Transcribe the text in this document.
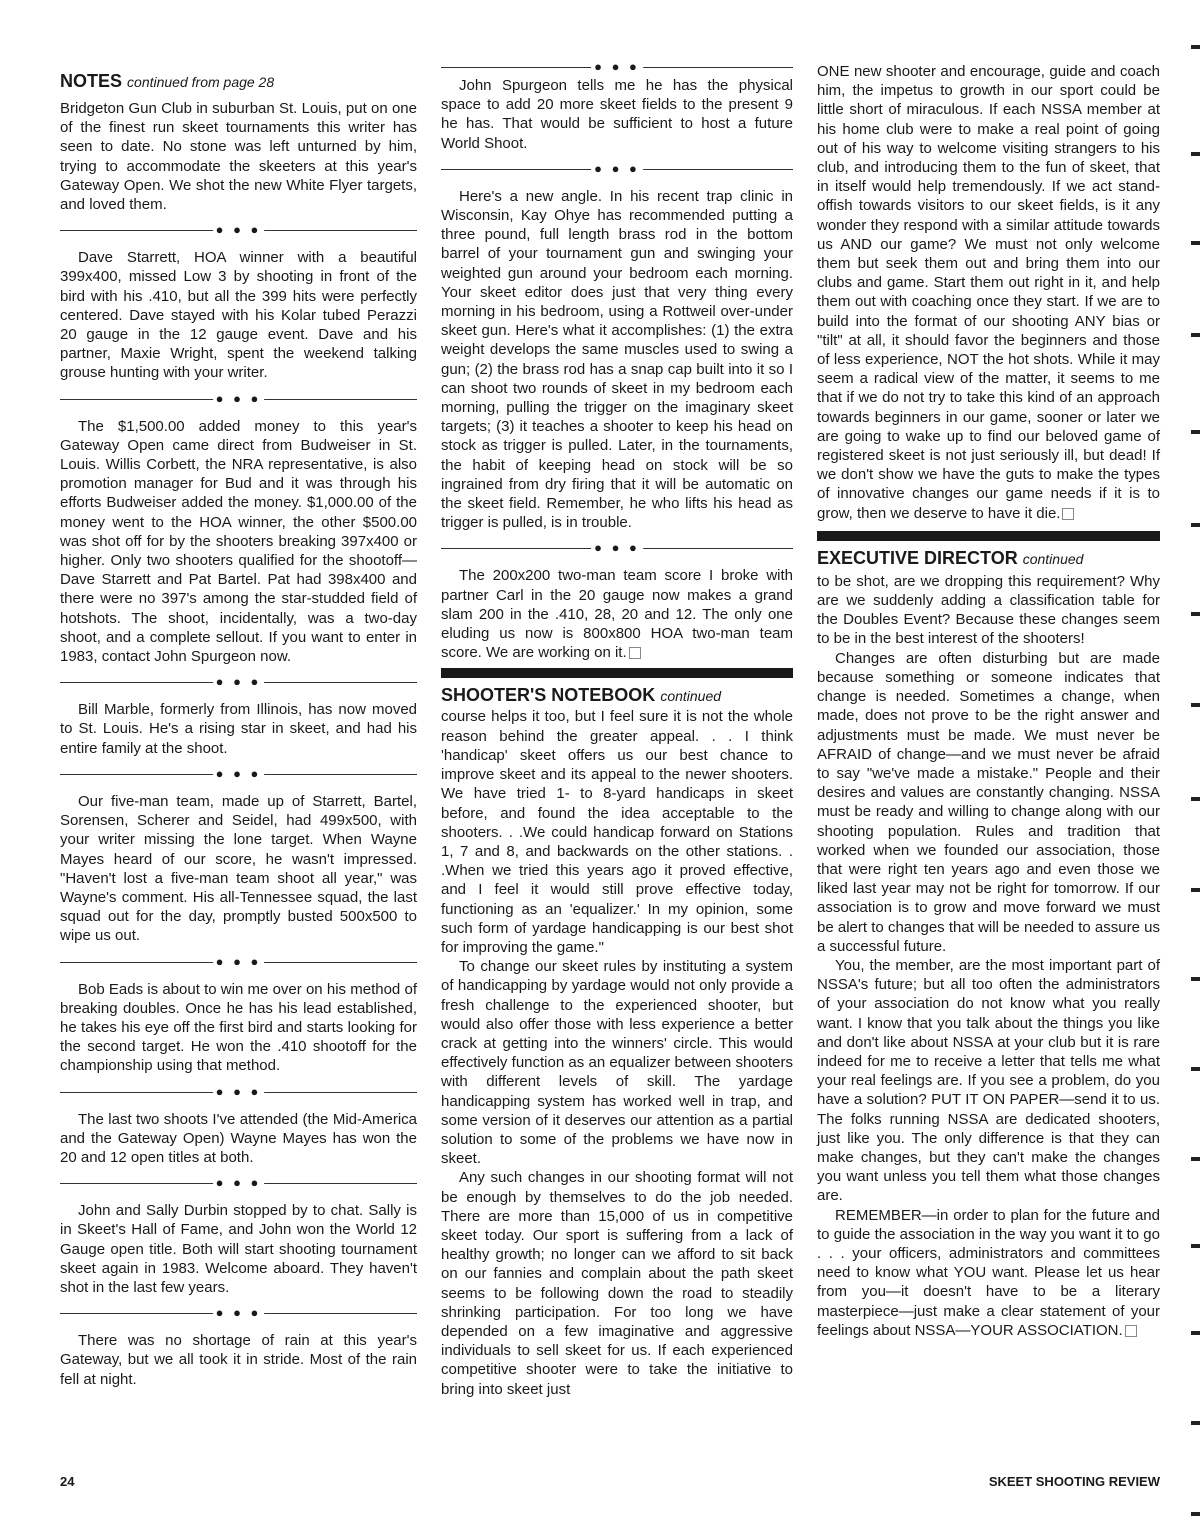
NOTES continued from page 28

Bridgeton Gun Club in suburban St. Louis, put on one of the finest run skeet tournaments this writer has seen to date. No stone was left unturned by him, trying to accommodate the skeeters at this year's Gateway Open. We shot the new White Flyer targets, and loved them.

● ● ●

Dave Starrett, HOA winner with a beautiful 399x400, missed Low 3 by shooting in front of the bird with his .410, but all the 399 hits were perfectly centered. Dave stayed with his Kolar tubed Perazzi 20 gauge in the 12 gauge event. Dave and his partner, Maxie Wright, spent the weekend talking grouse hunting with your writer.

● ● ●

The $1,500.00 added money to this year's Gateway Open came direct from Budweiser in St. Louis. Willis Corbett, the NRA representative, is also promotion manager for Bud and it was through his efforts Budweiser added the money. $1,000.00 of the money went to the HOA winner, the other $500.00 was shot off for by the shooters breaking 397x400 or higher. Only two shooters qualified for the shootoff—Dave Starrett and Pat Bartel. Pat had 398x400 and there were no 397's among the star-studded field of hotshots. The shoot, incidentally, was a two-day shoot, and a complete sellout. If you want to enter in 1983, contact John Spurgeon now.

● ● ●

Bill Marble, formerly from Illinois, has now moved to St. Louis. He's a rising star in skeet, and had his entire family at the shoot.

● ● ●

Our five-man team, made up of Starrett, Bartel, Sorensen, Scherer and Seidel, had 499x500, with your writer missing the lone target. When Wayne Mayes heard of our score, he wasn't impressed. "Haven't lost a five-man team shoot all year," was Wayne's comment. His all-Tennessee squad, the last squad out for the day, promptly busted 500x500 to wipe us out.

● ● ●

Bob Eads is about to win me over on his method of breaking doubles. Once he has his lead established, he takes his eye off the first bird and starts looking for the second target. He won the .410 shootoff for the championship using that method.

● ● ●

The last two shoots I've attended (the Mid-America and the Gateway Open) Wayne Mayes has won the 20 and 12 open titles at both.

● ● ●

John and Sally Durbin stopped by to chat. Sally is in Skeet's Hall of Fame, and John won the World 12 Gauge open title. Both will start shooting tournament skeet again in 1983. Welcome aboard. They haven't shot in the last few years.

● ● ●

There was no shortage of rain at this year's Gateway, but we all took it in stride. Most of the rain fell at night.

● ● ●

John Spurgeon tells me he has the physical space to add 20 more skeet fields to the present 9 he has. That would be sufficient to host a future World Shoot.

● ● ●

Here's a new angle. In his recent trap clinic in Wisconsin, Kay Ohye has recommended putting a three pound, full length brass rod in the bottom barrel of your tournament gun and swinging your weighted gun around your bedroom each morning. Your skeet editor does just that very thing every morning in his bedroom, using a Rottweil over-under skeet gun. Here's what it accomplishes: (1) the extra weight develops the same muscles used to swing a gun; (2) the brass rod has a snap cap built into it so I can shoot two rounds of skeet in my bedroom each morning, pulling the trigger on the imaginary skeet targets; (3) it teaches a shooter to keep his head on stock as trigger is pulled. Later, in the tournaments, the habit of keeping head on stock will be so ingrained from dry firing that it will be automatic on the skeet field. Remember, he who lifts his head as trigger is pulled, is in trouble.

● ● ●

The 200x200 two-man team score I broke with partner Carl in the 20 gauge now makes a grand slam 200 in the .410, 28, 20 and 12. The only one eluding us now is 800x800 HOA two-man team score. We are working on it.

SHOOTER'S NOTEBOOK continued

course helps it too, but I feel sure it is not the whole reason behind the greater appeal. . . I think 'handicap' skeet offers us our best chance to improve skeet and its appeal to the newer shooters. We have tried 1- to 8-yard handicaps in skeet before, and found the idea acceptable to the shooters. . .We could handicap forward on Stations 1, 7 and 8, and backwards on the other stations. . .When we tried this years ago it proved effective, and I feel it would still prove effective today, functioning as an 'equalizer.' In my opinion, some such form of yardage handicapping is our best shot for improving the game."

To change our skeet rules by instituting a system of handicapping by yardage would not only provide a fresh challenge to the experienced shooter, but would also offer those with less experience a better crack at getting into the winners' circle. This would effectively function as an equalizer between shooters with different levels of skill. The yardage handicapping system has worked well in trap, and some version of it deserves our attention as a partial solution to some of the problems we have now in skeet.

Any such changes in our shooting format will not be enough by themselves to do the job needed. There are more than 15,000 of us in competitive skeet today. Our sport is suffering from a lack of healthy growth; no longer can we afford to sit back on our fannies and complain about the path skeet seems to be following down the road to steadily shrinking participation. For too long we have depended on a few imaginative and aggressive individuals to sell skeet for us. If each experienced competitive shooter were to take the initiative to bring into skeet just

ONE new shooter and encourage, guide and coach him, the impetus to growth in our sport could be little short of miraculous. If each NSSA member at his home club were to make a real point of going out of his way to welcome visiting strangers to his club, and introducing them to the fun of skeet, that in itself would help tremendously. If we act stand-offish towards visitors to our skeet fields, is it any wonder they respond with a similar attitude towards us AND our game? We must not only welcome them but seek them out and bring them into our clubs and game. Start them out right in it, and help them out with coaching once they start. If we are to build into the format of our shooting ANY bias or "tilt" at all, it should favor the beginners and those of less experience, NOT the hot shots. While it may seem a radical view of the matter, it seems to me that if we do not try to take this kind of an approach towards beginners in our game, sooner or later we are going to wake up to find our beloved game of registered skeet is not just seriously ill, but dead! If we don't show we have the guts to make the types of innovative changes our game needs if it is to grow, then we deserve to have it die.

EXECUTIVE DIRECTOR continued

to be shot, are we dropping this requirement? Why are we suddenly adding a classification table for the Doubles Event? Because these changes seem to be in the best interest of the shooters!

Changes are often disturbing but are made because something or someone indicates that change is needed. Sometimes a change, when made, does not prove to be the right answer and adjustments must be made. We must never be AFRAID of change—and we must never be afraid to say "we've made a mistake." People and their desires and values are constantly changing. NSSA must be ready and willing to change along with our shooting population. Rules and tradition that worked when we founded our association, those that were right ten years ago and even those we liked last year may not be right for tomorrow. If our association is to grow and move forward we must be alert to changes that will be needed to assure us a successful future.

You, the member, are the most important part of NSSA's future; but all too often the administrators of your association do not know what you really want. I know that you talk about the things you like and don't like about NSSA at your club but it is rare indeed for me to receive a letter that tells me what your real feelings are. If you see a problem, do you have a solution? PUT IT ON PAPER—send it to us. The folks running NSSA are dedicated shooters, just like you. The only difference is that they can make changes, but they can't make the changes you want unless you tell them what those changes are.

REMEMBER—in order to plan for the future and to guide the association in the way you want it to go . . . your officers, administrators and committees need to know what YOU want. Please let us hear from you—it doesn't have to be a literary masterpiece—just make a clear statement of your feelings about NSSA—YOUR ASSOCIATION.

24	SKEET SHOOTING REVIEW
